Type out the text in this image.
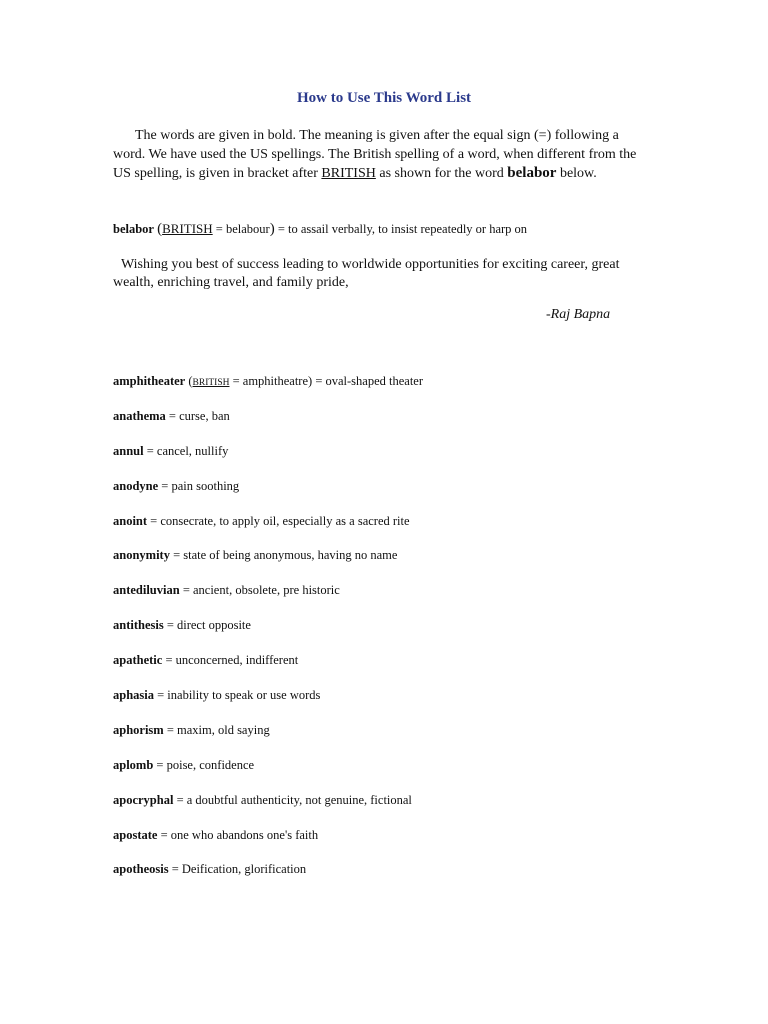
How to Use This Word List

The words are given in bold. The meaning is given after the equal sign (=) following a word. We have used the US spellings. The British spelling of a word, when different from the US spelling, is given in bracket after BRITISH as shown for the word belabor below.

belabor (BRITISH = belabour) = to assail verbally, to insist repeatedly or harp on

Wishing you best of success leading to worldwide opportunities for exciting career, great wealth, enriching travel, and family pride,

-Raj Bapna

amphitheater (BRITISH = amphitheatre) = oval-shaped theater
anathema = curse, ban
annul = cancel, nullify
anodyne = pain soothing
anoint = consecrate, to apply oil, especially as a sacred rite
anonymity = state of being anonymous, having no name
antediluvian = ancient, obsolete, pre historic
antithesis = direct opposite
apathetic = unconcerned, indifferent
aphasia = inability to speak or use words
aphorism = maxim, old saying
aplomb = poise, confidence
apocryphal = a doubtful authenticity, not genuine, fictional
apostate = one who abandons one's faith
apotheosis = Deification, glorification
